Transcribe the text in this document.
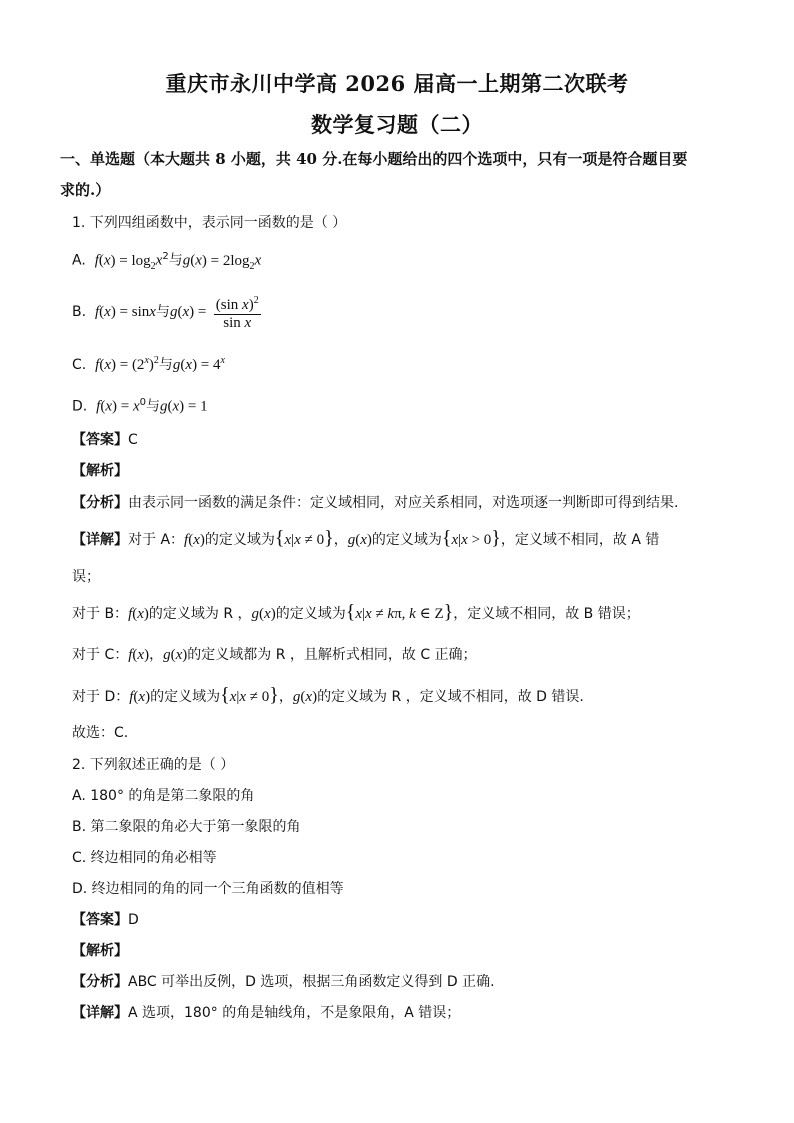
重庆市永川中学高 2026 届高一上期第二次联考
数学复习题（二）
一、单选题（本大题共 8 小题，共 40 分.在每小题给出的四个选项中，只有一项是符合题目要
求的.）
1. 下列四组函数中，表示同一函数的是（ ）
A. $f(x) = \log_2x^2$与$g(x) = 2\log_2x$
B. f(x) = sinx与$g(x) = \frac{(\sin x)^2}{\text{sin x}}$
C. $f(x) = (2^x)^2$与$g(x) = 4^x$
D. $f(x) = x^0$与g(x) = 1
【答案】C
【解析】
【分析】由表示同一函数的满足条件：定义域相同，对应关系相同，对选项逐一判断即可得到结果.
【详解】对于 A：f(x)的定义域为{x|x ≠ 0}，g(x)的定义域为{x|x > 0}，定义域不相同，故 A 错
误；
对于 B：f(x)的定义域为 R ，g(x)的定义域为{x|x ≠ kπ, k ∈ Z}，定义域不相同，故 B 错误；
对于 C：f(x)，g(x)的定义域都为 R ，且解析式相同，故 C 正确；
对于 D：f(x)的定义域为{x|x ≠ 0}，g(x)的定义域为 R ，定义域不相同，故 D 错误.
故选：C.
2. 下列叙述正确的是（ ）
A. 180° 的角是第二象限的角
B. 第二象限的角必大于第一象限的角
C. 终边相同的角必相等
D. 终边相同的角的同一个三角函数的值相等
【答案】D
【解析】
【分析】ABC 可举出反例，D 选项，根据三角函数定义得到 D 正确.
【详解】A 选项，180° 的角是轴线角，不是象限角，A 错误；
